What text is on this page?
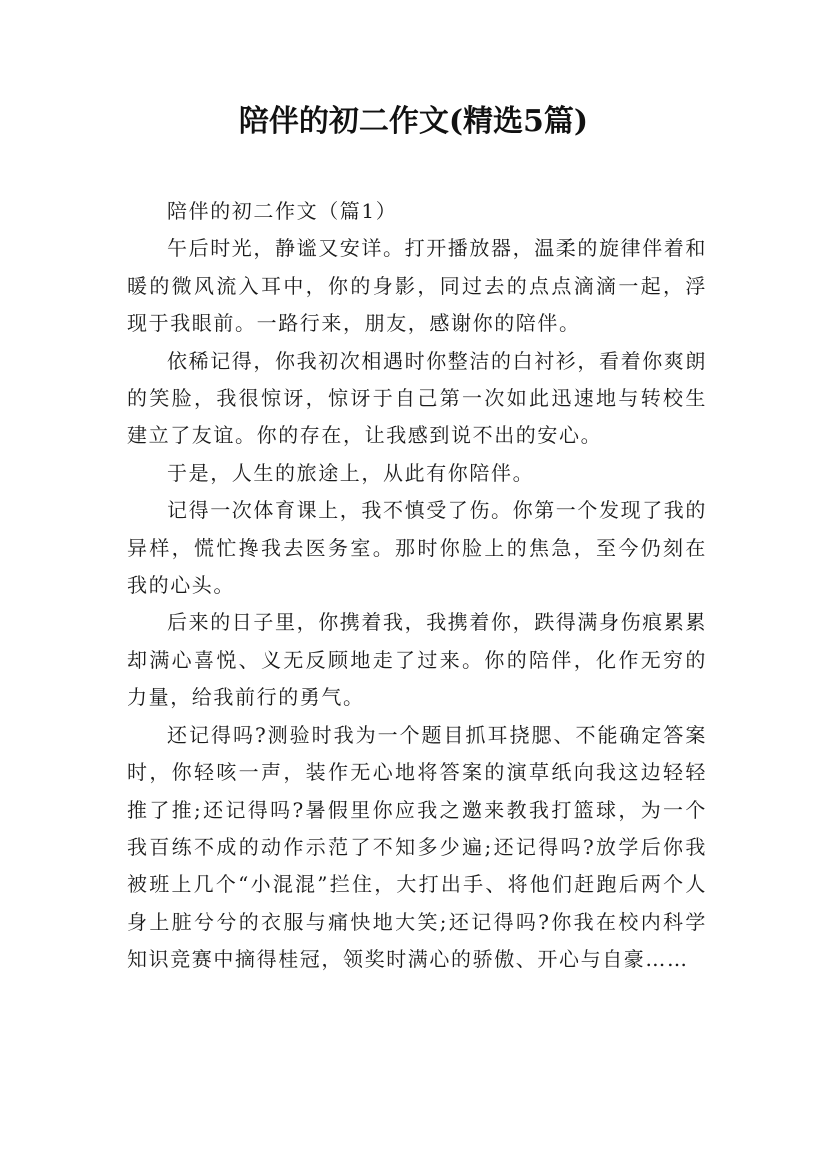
陪伴的初二作文(精选5篇)

陪伴的初二作文（篇1）

午后时光，静谧又安详。打开播放器，温柔的旋律伴着和暖的微风流入耳中，你的身影，同过去的点点滴滴一起，浮现于我眼前。一路行来，朋友，感谢你的陪伴。

依稀记得，你我初次相遇时你整洁的白衬衫，看着你爽朗的笑脸，我很惊讶，惊讶于自己第一次如此迅速地与转校生建立了友谊。你的存在，让我感到说不出的安心。

于是，人生的旅途上，从此有你陪伴。

记得一次体育课上，我不慎受了伤。你第一个发现了我的异样，慌忙搀我去医务室。那时你脸上的焦急，至今仍刻在我的心头。

后来的日子里，你携着我，我携着你，跌得满身伤痕累累却满心喜悦、义无反顾地走了过来。你的陪伴，化作无穷的力量，给我前行的勇气。

还记得吗?测验时我为一个题目抓耳挠腮、不能确定答案时，你轻咳一声，装作无心地将答案的演草纸向我这边轻轻推了推;还记得吗?暑假里你应我之邀来教我打篮球，为一个我百练不成的动作示范了不知多少遍;还记得吗?放学后你我被班上几个“小混混”拦住，大打出手、将他们赶跑后两个人身上脏兮兮的衣服与痛快地大笑;还记得吗?你我在校内科学知识竞赛中摘得桂冠，领奖时满心的骄傲、开心与自豪……
